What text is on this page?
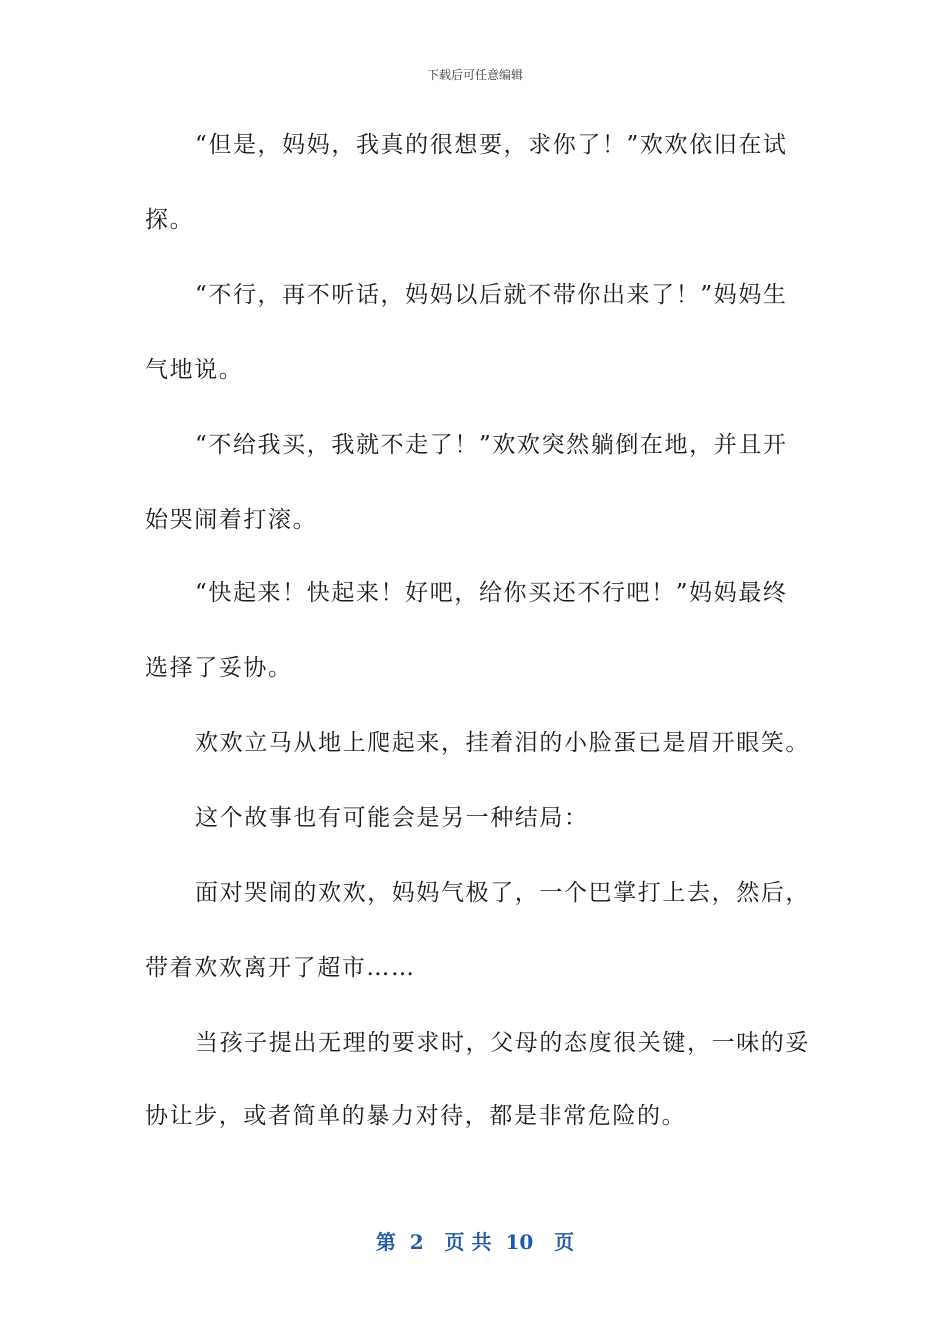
下载后可任意编辑
“但是，妈妈，我真的很想要，求你了！”欢欢依旧在试
探。
“不行，再不听话，妈妈以后就不带你出来了！”妈妈生
气地说。
“不给我买，我就不走了！”欢欢突然躺倒在地，并且开
始哭闹着打滚。
“快起来！快起来！好吧，给你买还不行吧！”妈妈最终
选择了妥协。
欢欢立马从地上爬起来，挂着泪的小脸蛋已是眉开眼笑。
这个故事也有可能会是另一种结局：
面对哭闹的欢欢，妈妈气极了，一个巴掌打上去，然后，
带着欢欢离开了超市……
当孩子提出无理的要求时，父母的态度很关键，一味的妥
协让步，或者简单的暴力对待，都是非常危险的。
第  2   页 共  10   页
